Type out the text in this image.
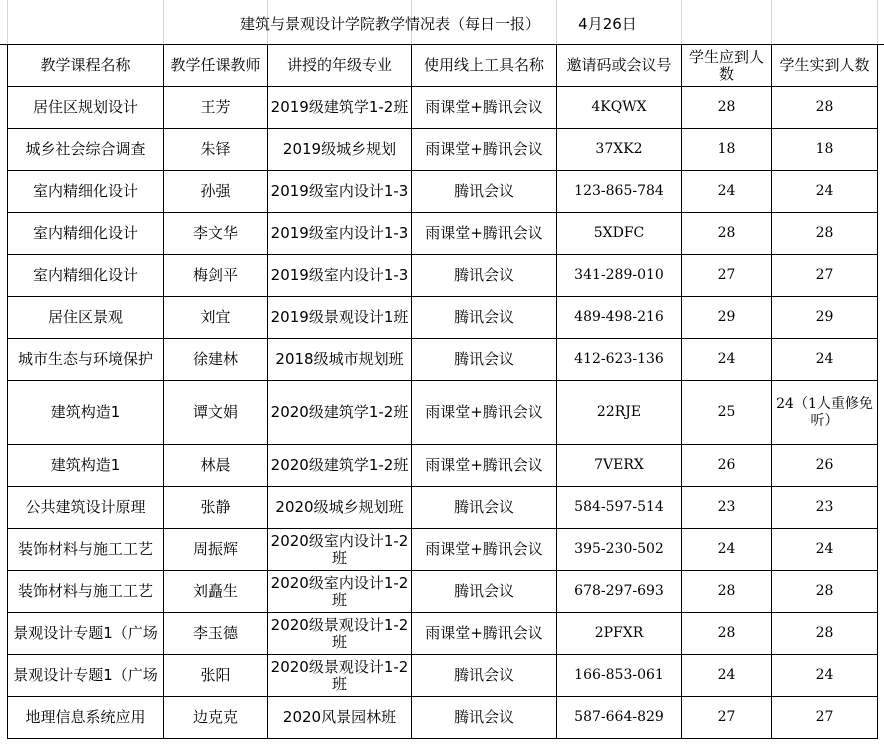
建筑与景观设计学院教学情况表（每日一报）        4月26日
教学课程名称	教学任课教师	讲授的年级专业	使用线上工具名称	邀请码或会议号	学生应到人数	学生实到人数
居住区规划设计	王芳	2019级建筑学1-2班	雨课堂+腾讯会议	4KQWX	28	28
城乡社会综合调查	朱铎	2019级城乡规划	雨课堂+腾讯会议	37XK2	18	18
室内精细化设计	孙强	2019级室内设计1-3	腾讯会议	123-865-784	24	24
室内精细化设计	李文华	2019级室内设计1-3	雨课堂+腾讯会议	5XDFC	28	28
室内精细化设计	梅剑平	2019级室内设计1-3	腾讯会议	341-289-010	27	27
居住区景观	刘宜	2019级景观设计1班	腾讯会议	489-498-216	29	29
城市生态与环境保护	徐建林	2018级城市规划班	腾讯会议	412-623-136	24	24
建筑构造1	谭文娟	2020级建筑学1-2班	雨课堂+腾讯会议	22RJE	25	24（1人重修免听）
建筑构造1	林晨	2020级建筑学1-2班	雨课堂+腾讯会议	7VERX	26	26
公共建筑设计原理	张静	2020级城乡规划班	腾讯会议	584-597-514	23	23
装饰材料与施工工艺	周振辉	2020级室内设计1-2班	雨课堂+腾讯会议	395-230-502	24	24
装饰材料与施工工艺	刘矗生	2020级室内设计1-2班	腾讯会议	678-297-693	28	28
景观设计专题1（广场	李玉德	2020级景观设计1-2班	雨课堂+腾讯会议	2PFXR	28	28
景观设计专题1（广场	张阳	2020级景观设计1-2班	腾讯会议	166-853-061	24	24
地理信息系统应用	边克克	2020风景园林班	腾讯会议	587-664-829	27	27
